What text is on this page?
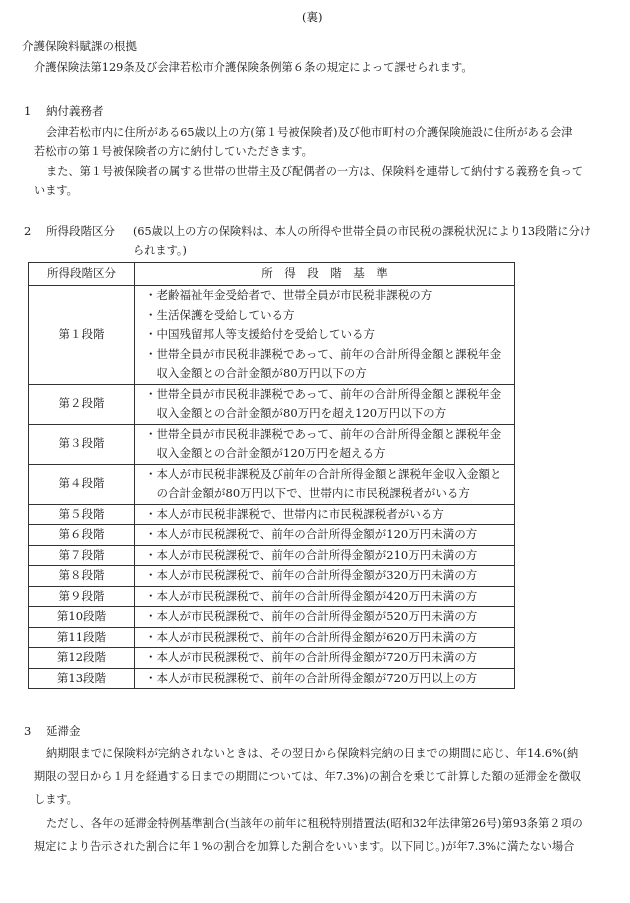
(裏)
介護保険料賦課の根拠
介護保険法第129条及び会津若松市介護保険条例第６条の規定によって課せられます。
1 納付義務者
会津若松市内に住所がある65歳以上の方(第１号被保険者)及び他市町村の介護保険施設に住所がある会津
若松市の第１号被保険者の方に納付していただきます。
また、第１号被保険者の属する世帯の世帯主及び配偶者の一方は、保険料を連帯して納付する義務を負って
います。
2 所得段階区分 (65歳以上の方の保険料は、本人の所得や世帯全員の市民税の課税状況により13段階に分け
られます。)
所得段階区分	所　得　段　階　基　準
第１段階	・老齢福祉年金受給者で、世帯全員が市民税非課税の方
・生活保護を受給している方
・中国残留邦人等支援給付を受給している方
・世帯全員が市民税非課税であって、前年の合計所得金額と課税年金
　収入金額との合計金額が80万円以下の方

第２段階	・世帯全員が市民税非課税であって、前年の合計所得金額と課税年金
　収入金額との合計金額が80万円を超え120万円以下の方

第３段階	・世帯全員が市民税非課税であって、前年の合計所得金額と課税年金
　収入金額との合計金額が120万円を超える方

第４段階	・本人が市民税非課税及び前年の合計所得金額と課税年金収入金額と
　の合計金額が80万円以下で、世帯内に市民税課税者がいる方

第５段階	・本人が市民税非課税で、世帯内に市民税課税者がいる方

第６段階	・本人が市民税課税で、前年の合計所得金額が120万円未満の方

第７段階	・本人が市民税課税で、前年の合計所得金額が210万円未満の方

第８段階	・本人が市民税課税で、前年の合計所得金額が320万円未満の方

第９段階	・本人が市民税課税で、前年の合計所得金額が420万円未満の方

第10段階	・本人が市民税課税で、前年の合計所得金額が520万円未満の方

第11段階	・本人が市民税課税で、前年の合計所得金額が620万円未満の方

第12段階	・本人が市民税課税で、前年の合計所得金額が720万円未満の方

第13段階	・本人が市民税課税で、前年の合計所得金額が720万円以上の方
3 延滞金
納期限までに保険料が完納されないときは、その翌日から保険料完納の日までの期間に応じ、年14.6%(納
期限の翌日から１月を経過する日までの期間については、年7.3%)の割合を乗じて計算した額の延滞金を徴収
します。
ただし、各年の延滞金特例基準割合(当該年の前年に租税特別措置法(昭和32年法律第26号)第93条第２項の
規定により告示された割合に年１%の割合を加算した割合をいいます。以下同じ。)が年7.3%に満たない場合
